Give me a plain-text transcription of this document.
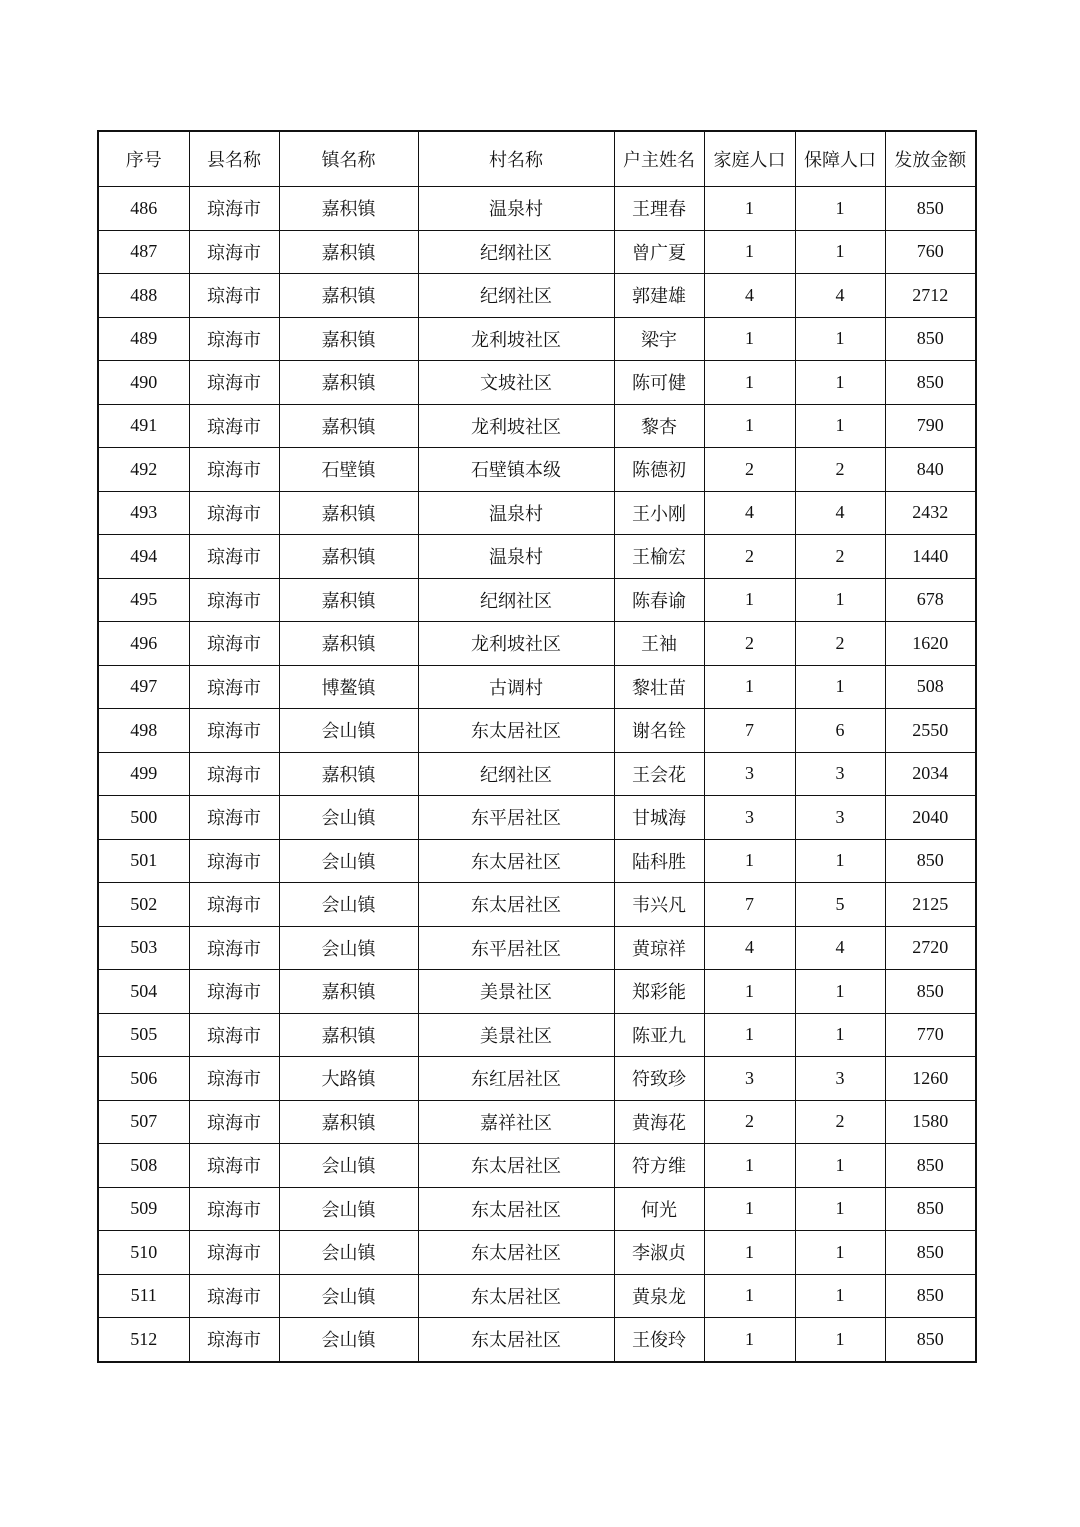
序号	县名称	镇名称	村名称	户主姓名	家庭人口	保障人口	发放金额
486	琼海市	嘉积镇	温泉村	王理春	1	1	850
487	琼海市	嘉积镇	纪纲社区	曾广夏	1	1	760
488	琼海市	嘉积镇	纪纲社区	郭建雄	4	4	2712
489	琼海市	嘉积镇	龙利坡社区	梁宇	1	1	850
490	琼海市	嘉积镇	文坡社区	陈可健	1	1	850
491	琼海市	嘉积镇	龙利坡社区	黎杏	1	1	790
492	琼海市	石壁镇	石壁镇本级	陈德初	2	2	840
493	琼海市	嘉积镇	温泉村	王小刚	4	4	2432
494	琼海市	嘉积镇	温泉村	王榆宏	2	2	1440
495	琼海市	嘉积镇	纪纲社区	陈春谕	1	1	678
496	琼海市	嘉积镇	龙利坡社区	王袖	2	2	1620
497	琼海市	博鳌镇	古调村	黎壮苗	1	1	508
498	琼海市	会山镇	东太居社区	谢名铨	7	6	2550
499	琼海市	嘉积镇	纪纲社区	王会花	3	3	2034
500	琼海市	会山镇	东平居社区	甘城海	3	3	2040
501	琼海市	会山镇	东太居社区	陆科胜	1	1	850
502	琼海市	会山镇	东太居社区	韦兴凡	7	5	2125
503	琼海市	会山镇	东平居社区	黄琼祥	4	4	2720
504	琼海市	嘉积镇	美景社区	郑彩能	1	1	850
505	琼海市	嘉积镇	美景社区	陈亚九	1	1	770
506	琼海市	大路镇	东红居社区	符致珍	3	3	1260
507	琼海市	嘉积镇	嘉祥社区	黄海花	2	2	1580
508	琼海市	会山镇	东太居社区	符方维	1	1	850
509	琼海市	会山镇	东太居社区	何光	1	1	850
510	琼海市	会山镇	东太居社区	李淑贞	1	1	850
511	琼海市	会山镇	东太居社区	黄泉龙	1	1	850
512	琼海市	会山镇	东太居社区	王俊玲	1	1	850
